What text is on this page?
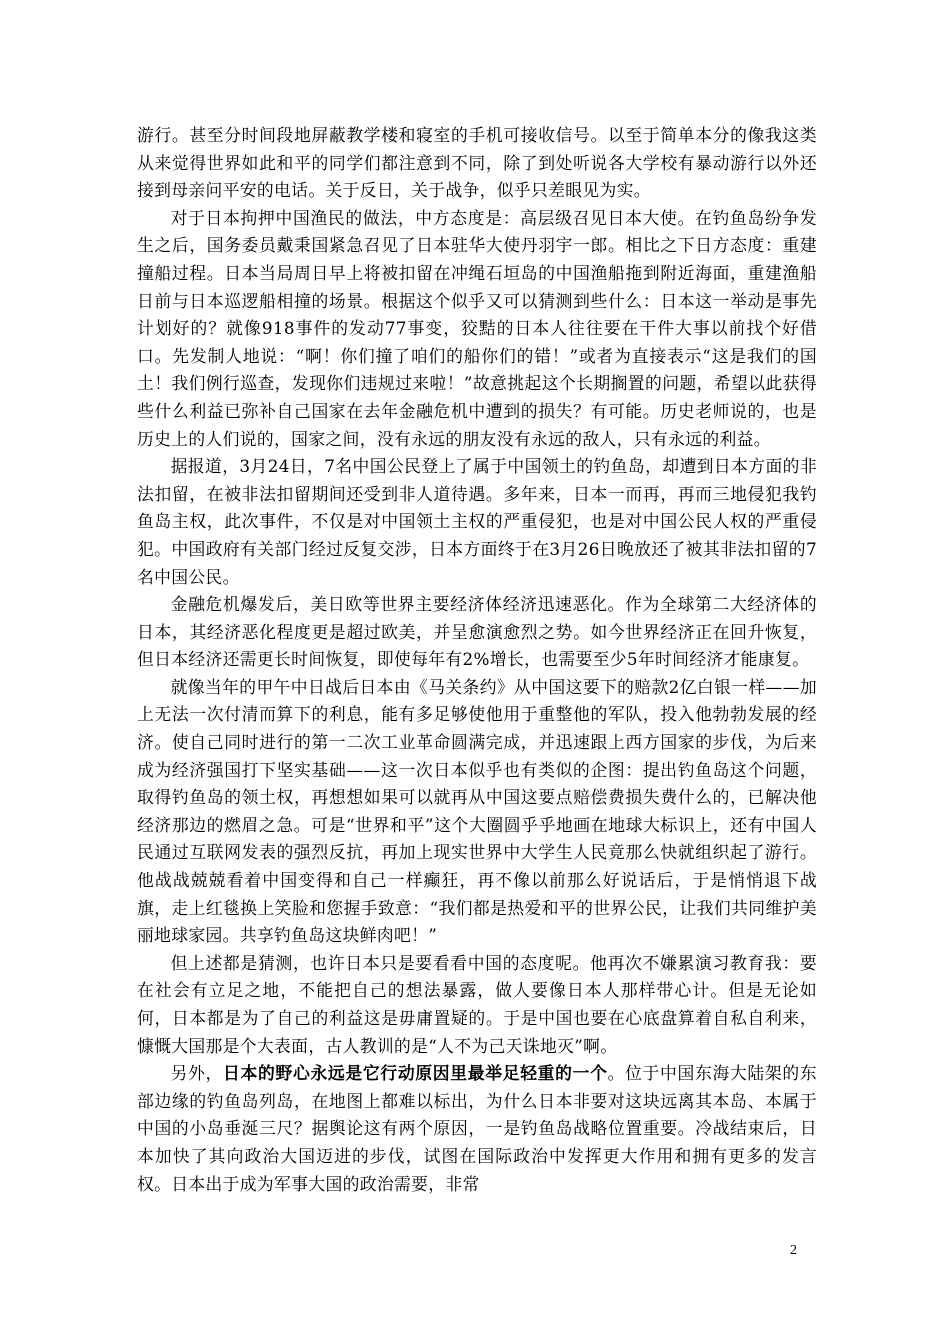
游行。甚至分时间段地屏蔽教学楼和寝室的手机可接收信号。以至于简单本分的像我这类从来觉得世界如此和平的同学们都注意到不同，除了到处听说各大学校有暴动游行以外还接到母亲问平安的电话。关于反日，关于战争，似乎只差眼见为实。

对于日本拘押中国渔民的做法，中方态度是：高层级召见日本大使。在钓鱼岛纷争发生之后，国务委员戴秉国紧急召见了日本驻华大使丹羽宇一郎。相比之下日方态度：重建撞船过程。日本当局周日早上将被扣留在冲绳石垣岛的中国渔船拖到附近海面，重建渔船日前与日本巡逻船相撞的场景。根据这个似乎又可以猜测到些什么：日本这一举动是事先计划好的？就像918事件的发动77事变，狡黠的日本人往往要在干件大事以前找个好借口。先发制人地说：“啊！你们撞了咱们的船你们的错！”或者为直接表示“这是我们的国土！我们例行巡查，发现你们违规过来啦！”故意挑起这个长期搁置的问题，希望以此获得些什么利益已弥补自己国家在去年金融危机中遭到的损失？有可能。历史老师说的，也是历史上的人们说的，国家之间，没有永远的朋友没有永远的敌人，只有永远的利益。

据报道，3月24日，7名中国公民登上了属于中国领土的钓鱼岛，却遭到日本方面的非法扣留，在被非法扣留期间还受到非人道待遇。多年来，日本一而再，再而三地侵犯我钓鱼岛主权，此次事件，不仅是对中国领土主权的严重侵犯，也是对中国公民人权的严重侵犯。中国政府有关部门经过反复交涉，日本方面终于在3月26日晚放还了被其非法扣留的7名中国公民。

金融危机爆发后，美日欧等世界主要经济体经济迅速恶化。作为全球第二大经济体的日本，其经济恶化程度更是超过欧美，并呈愈演愈烈之势。如今世界经济正在回升恢复，但日本经济还需更长时间恢复，即使每年有2%增长，也需要至少5年时间经济才能康复。

就像当年的甲午中日战后日本由《马关条约》从中国这要下的赔款2亿白银一样——加上无法一次付清而算下的利息，能有多足够使他用于重整他的军队，投入他勃勃发展的经济。使自己同时进行的第一二次工业革命圆满完成，并迅速跟上西方国家的步伐，为后来成为经济强国打下坚实基础——这一次日本似乎也有类似的企图：提出钓鱼岛这个问题，取得钓鱼岛的领土权，再想想如果可以就再从中国这要点赔偿费损失费什么的，已解决他经济那边的燃眉之急。可是“世界和平”这个大圈圆乎乎地画在地球大标识上，还有中国人民通过互联网发表的强烈反抗，再加上现实世界中大学生人民竟那么快就组织起了游行。他战战兢兢看着中国变得和自己一样癫狂，再不像以前那么好说话后，于是悄悄退下战旗，走上红毯换上笑脸和您握手致意：“我们都是热爱和平的世界公民，让我们共同维护美丽地球家园。共享钓鱼岛这块鲜肉吧！”

但上述都是猜测，也许日本只是要看看中国的态度呢。他再次不嫌累演习教育我：要在社会有立足之地，不能把自己的想法暴露，做人要像日本人那样带心计。但是无论如何，日本都是为了自己的利益这是毋庸置疑的。于是中国也要在心底盘算着自私自利来，慷慨大国那是个大表面，古人教训的是“人不为己天诛地灭”啊。

另外，日本的野心永远是它行动原因里最举足轻重的一个。位于中国东海大陆架的东部边缘的钓鱼岛列岛，在地图上都难以标出，为什么日本非要对这块远离其本岛、本属于中国的小岛垂涎三尺？据舆论这有两个原因，一是钓鱼岛战略位置重要。冷战结束后，日本加快了其向政治大国迈进的步伐，试图在国际政治中发挥更大作用和拥有更多的发言权。日本出于成为军事大国的政治需要，非常

2
